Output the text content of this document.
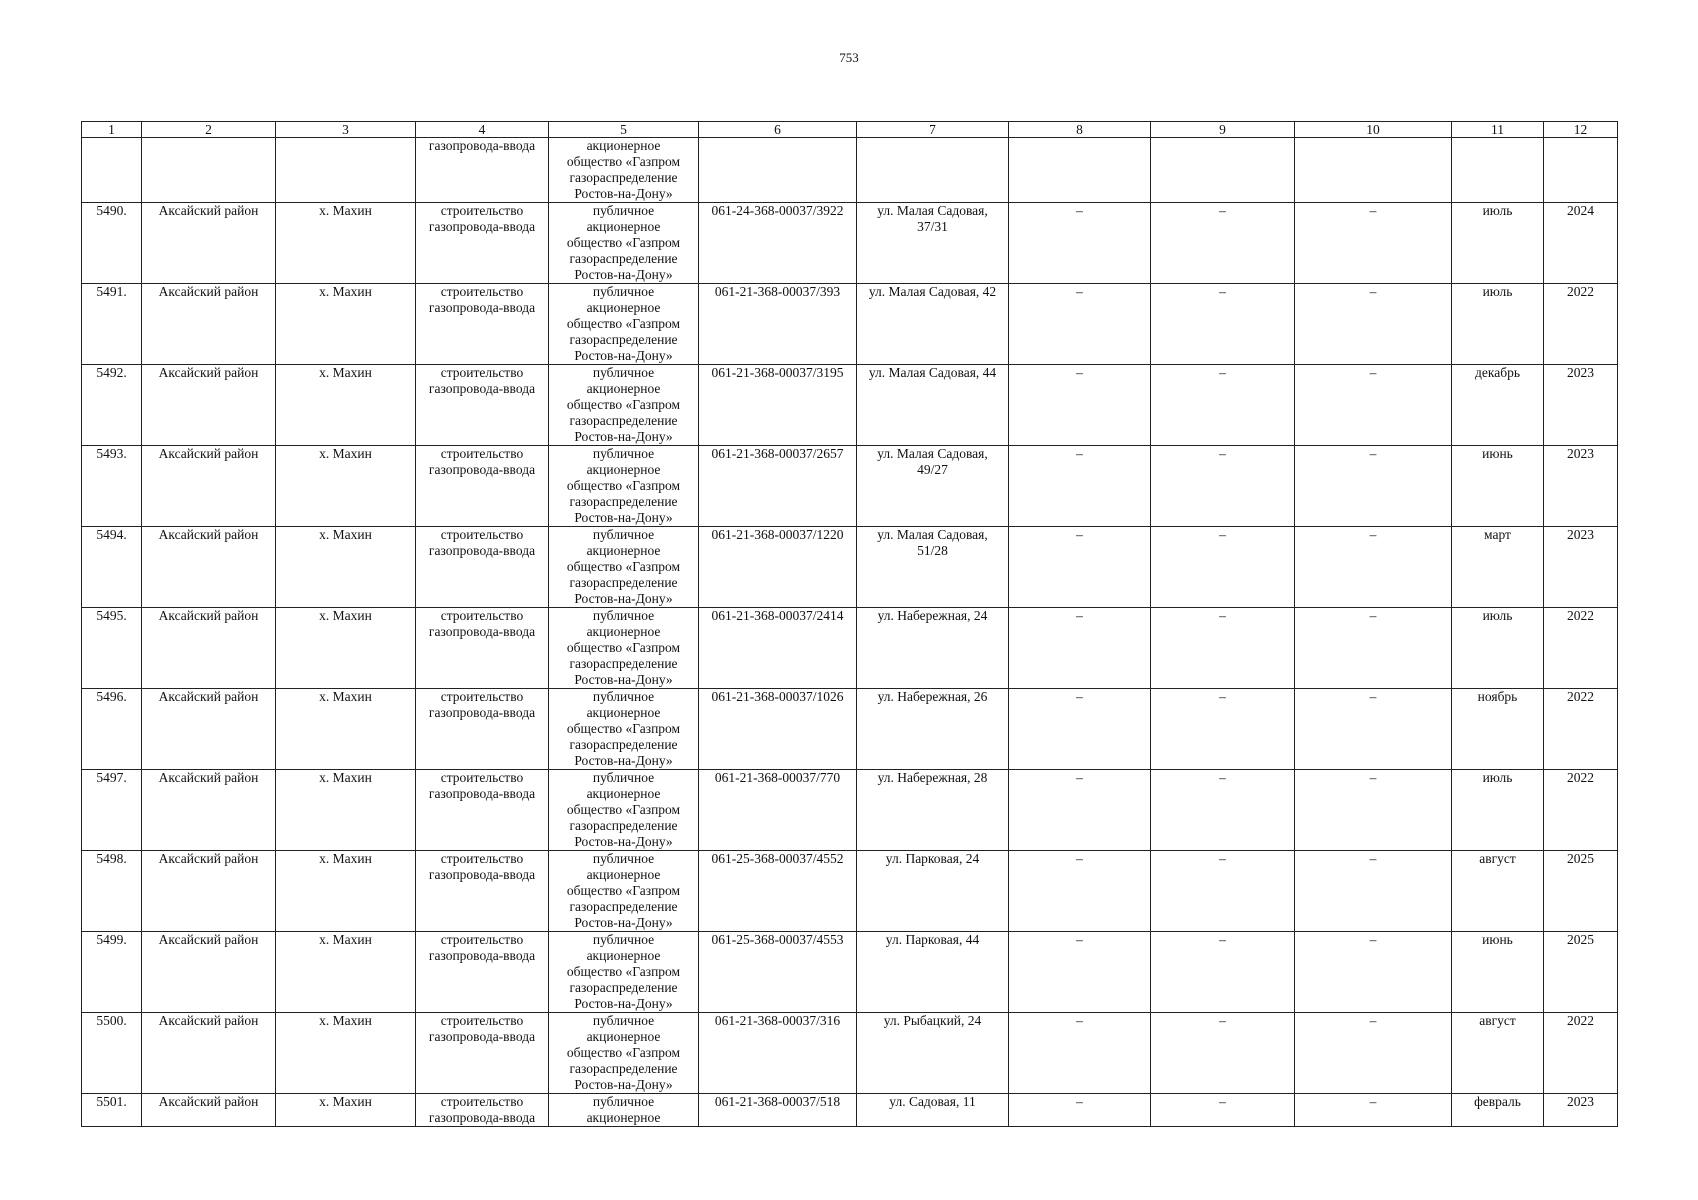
753
1	2	3	4	5	6	7	8	9	10	11	12
			газопровода-ввода	акционерное
общество «Газпром
газораспределение
Ростов-на-Дону»							
5490.	Аксайский район	х. Махин	строительство
газопровода-ввода	публичное
акционерное
общество «Газпром
газораспределение
Ростов-на-Дону»	061-24-368-00037/3922	ул. Малая Садовая,
37/31	–	–	–	июль	2024
5491.	Аксайский район	х. Махин	строительство
газопровода-ввода	публичное
акционерное
общество «Газпром
газораспределение
Ростов-на-Дону»	061-21-368-00037/393	ул. Малая Садовая, 42	–	–	–	июль	2022
5492.	Аксайский район	х. Махин	строительство
газопровода-ввода	публичное
акционерное
общество «Газпром
газораспределение
Ростов-на-Дону»	061-21-368-00037/3195	ул. Малая Садовая, 44	–	–	–	декабрь	2023
5493.	Аксайский район	х. Махин	строительство
газопровода-ввода	публичное
акционерное
общество «Газпром
газораспределение
Ростов-на-Дону»	061-21-368-00037/2657	ул. Малая Садовая,
49/27	–	–	–	июнь	2023
5494.	Аксайский район	х. Махин	строительство
газопровода-ввода	публичное
акционерное
общество «Газпром
газораспределение
Ростов-на-Дону»	061-21-368-00037/1220	ул. Малая Садовая,
51/28	–	–	–	март	2023
5495.	Аксайский район	х. Махин	строительство
газопровода-ввода	публичное
акционерное
общество «Газпром
газораспределение
Ростов-на-Дону»	061-21-368-00037/2414	ул. Набережная, 24	–	–	–	июль	2022
5496.	Аксайский район	х. Махин	строительство
газопровода-ввода	публичное
акционерное
общество «Газпром
газораспределение
Ростов-на-Дону»	061-21-368-00037/1026	ул. Набережная, 26	–	–	–	ноябрь	2022
5497.	Аксайский район	х. Махин	строительство
газопровода-ввода	публичное
акционерное
общество «Газпром
газораспределение
Ростов-на-Дону»	061-21-368-00037/770	ул. Набережная, 28	–	–	–	июль	2022
5498.	Аксайский район	х. Махин	строительство
газопровода-ввода	публичное
акционерное
общество «Газпром
газораспределение
Ростов-на-Дону»	061-25-368-00037/4552	ул. Парковая, 24	–	–	–	август	2025
5499.	Аксайский район	х. Махин	строительство
газопровода-ввода	публичное
акционерное
общество «Газпром
газораспределение
Ростов-на-Дону»	061-25-368-00037/4553	ул. Парковая, 44	–	–	–	июнь	2025
5500.	Аксайский район	х. Махин	строительство
газопровода-ввода	публичное
акционерное
общество «Газпром
газораспределение
Ростов-на-Дону»	061-21-368-00037/316	ул. Рыбацкий, 24	–	–	–	август	2022
5501.	Аксайский район	х. Махин	строительство
газопровода-ввода	публичное
акционерное	061-21-368-00037/518	ул. Садовая, 11	–	–	–	февраль	2023
